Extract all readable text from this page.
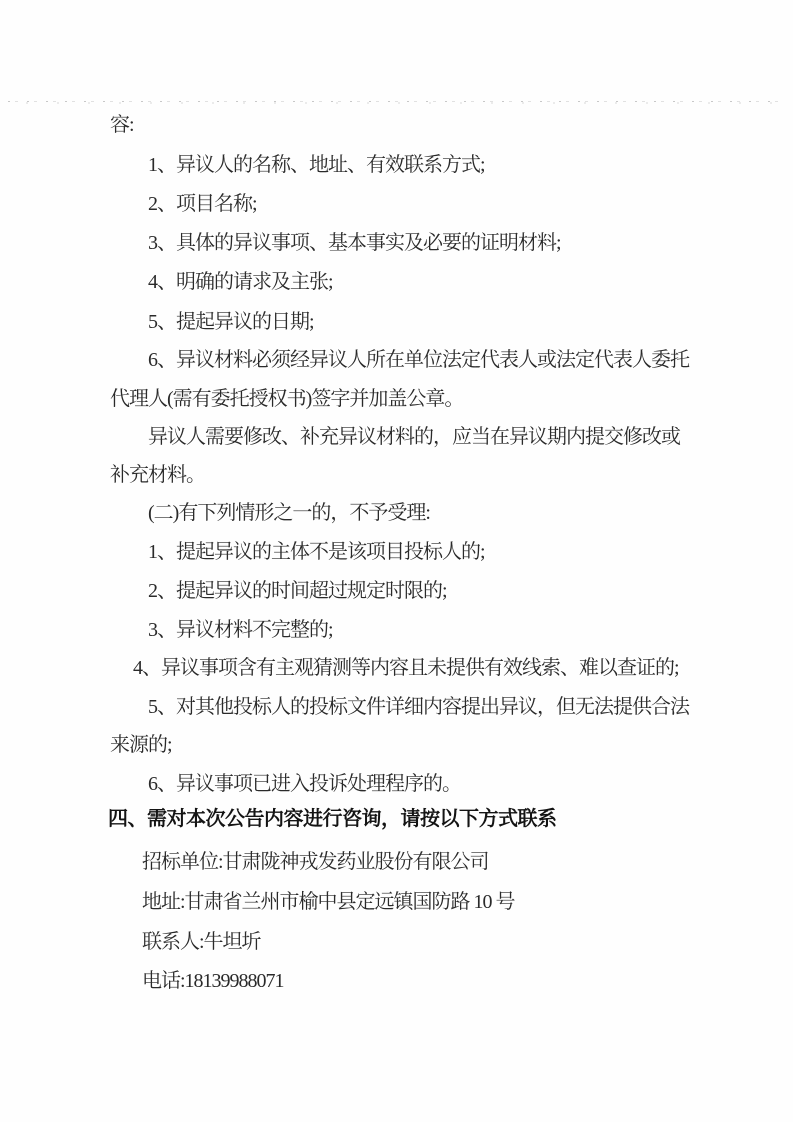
容:
1、异议人的名称、地址、有效联系方式;
2、项目名称;
3、具体的异议事项、基本事实及必要的证明材料;
4、明确的请求及主张;
5、提起异议的日期;
6、异议材料必须经异议人所在单位法定代表人或法定代表人委托
代理人(需有委托授权书)签字并加盖公章。
异议人需要修改、补充异议材料的，应当在异议期内提交修改或
补充材料。
(二)有下列情形之一的，不予受理:
1、提起异议的主体不是该项目投标人的;
2、提起异议的时间超过规定时限的;
3、异议材料不完整的;
4、异议事项含有主观猜测等内容且未提供有效线索、难以查证的;
5、对其他投标人的投标文件详细内容提出异议，但无法提供合法
来源的;
6、异议事项已进入投诉处理程序的。
四、需对本次公告内容进行咨询，请按以下方式联系
招标单位:甘肃陇神戎发药业股份有限公司
地址:甘肃省兰州市榆中县定远镇国防路 10 号
联系人:牛坦圻
电话:18139988071
